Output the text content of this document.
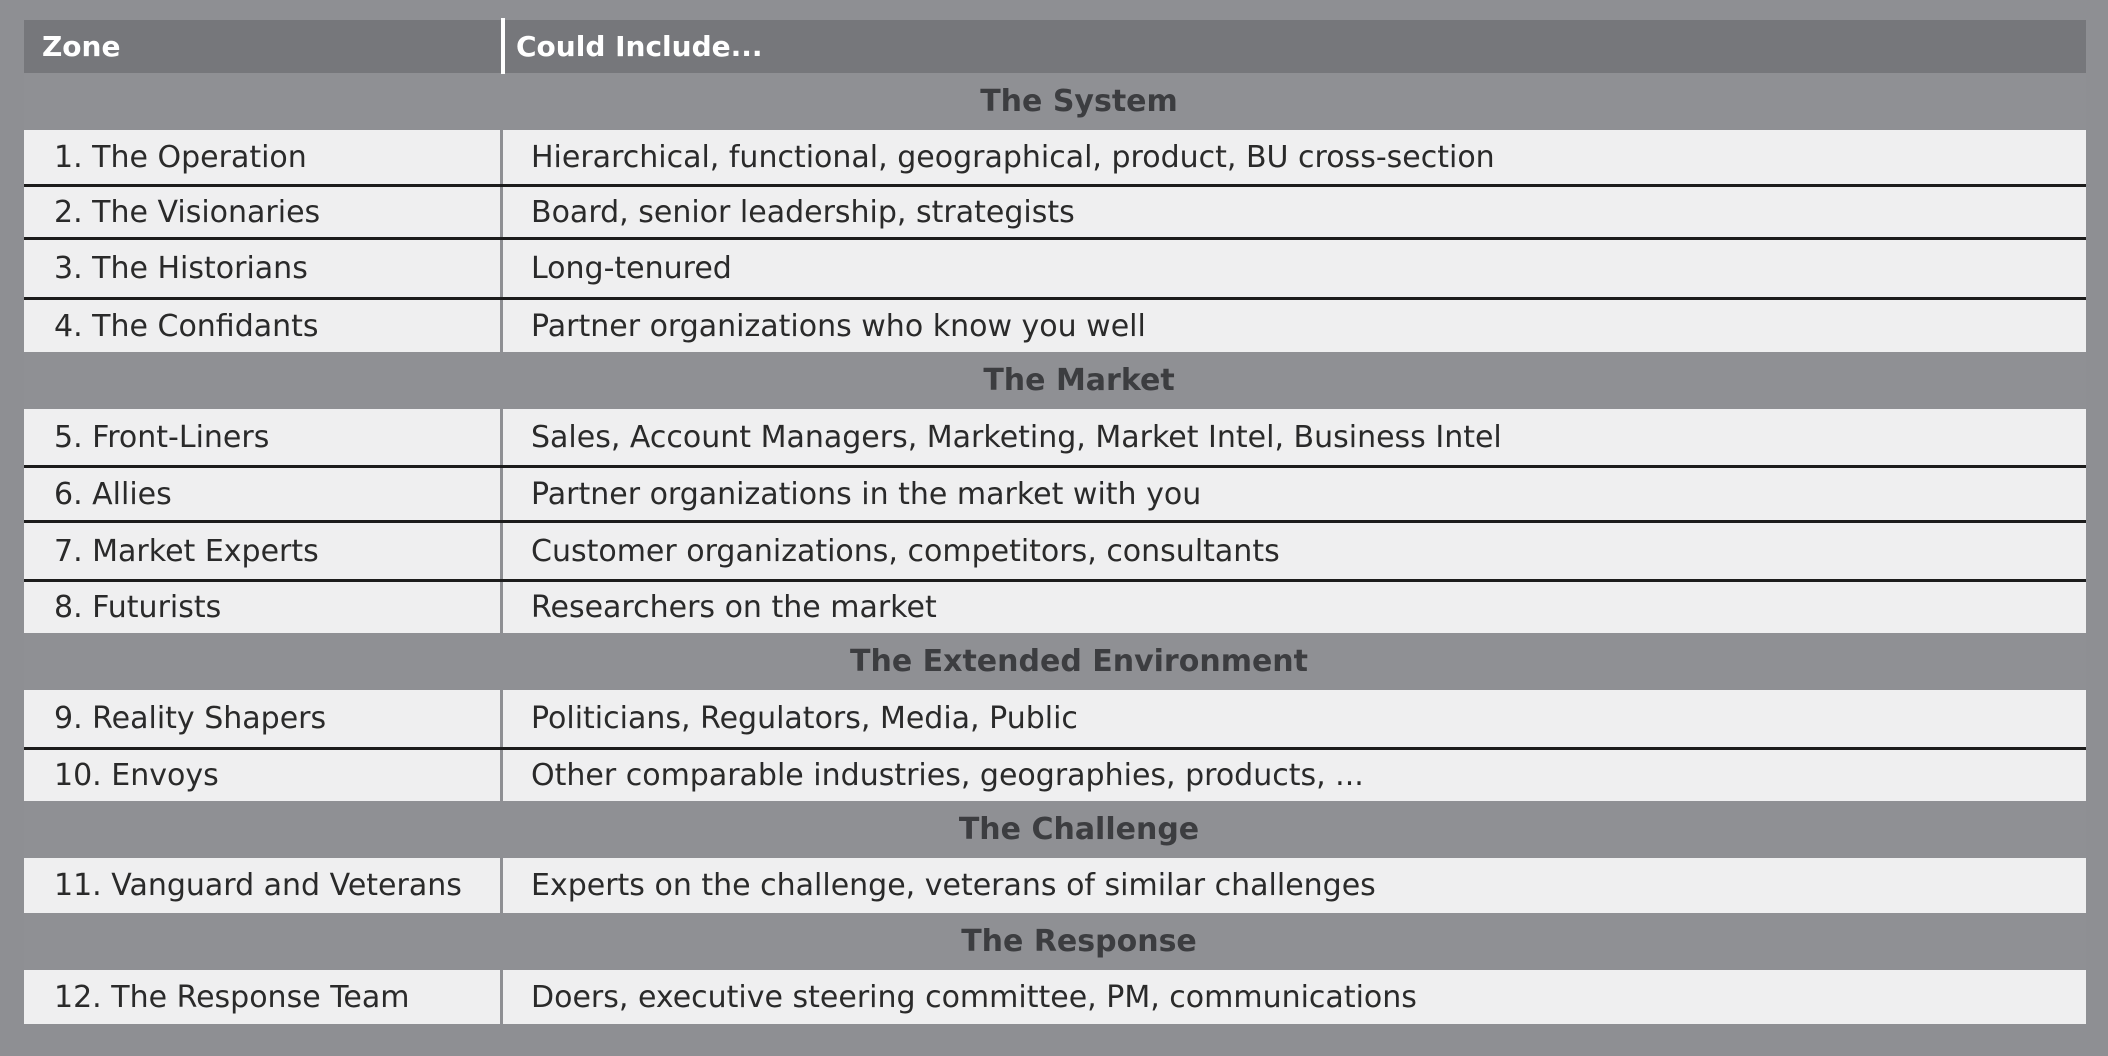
Zone	Could Include...
The System
1. The Operation	Hierarchical, functional, geographical, product, BU cross-section
2. The Visionaries	Board, senior leadership, strategists
3. The Historians	Long-tenured
4. The Confidants	Partner organizations who know you well
The Market
5. Front-Liners	Sales, Account Managers, Marketing, Market Intel, Business Intel
6. Allies	Partner organizations in the market with you
7. Market Experts	Customer organizations, competitors, consultants
8. Futurists	Researchers on the market
The Extended Environment
9. Reality Shapers	Politicians, Regulators, Media, Public
10. Envoys	Other comparable industries, geographies, products, ...
The Challenge
11. Vanguard and Veterans	Experts on the challenge, veterans of similar challenges
The Response
12. The Response Team	Doers, executive steering committee, PM, communications
